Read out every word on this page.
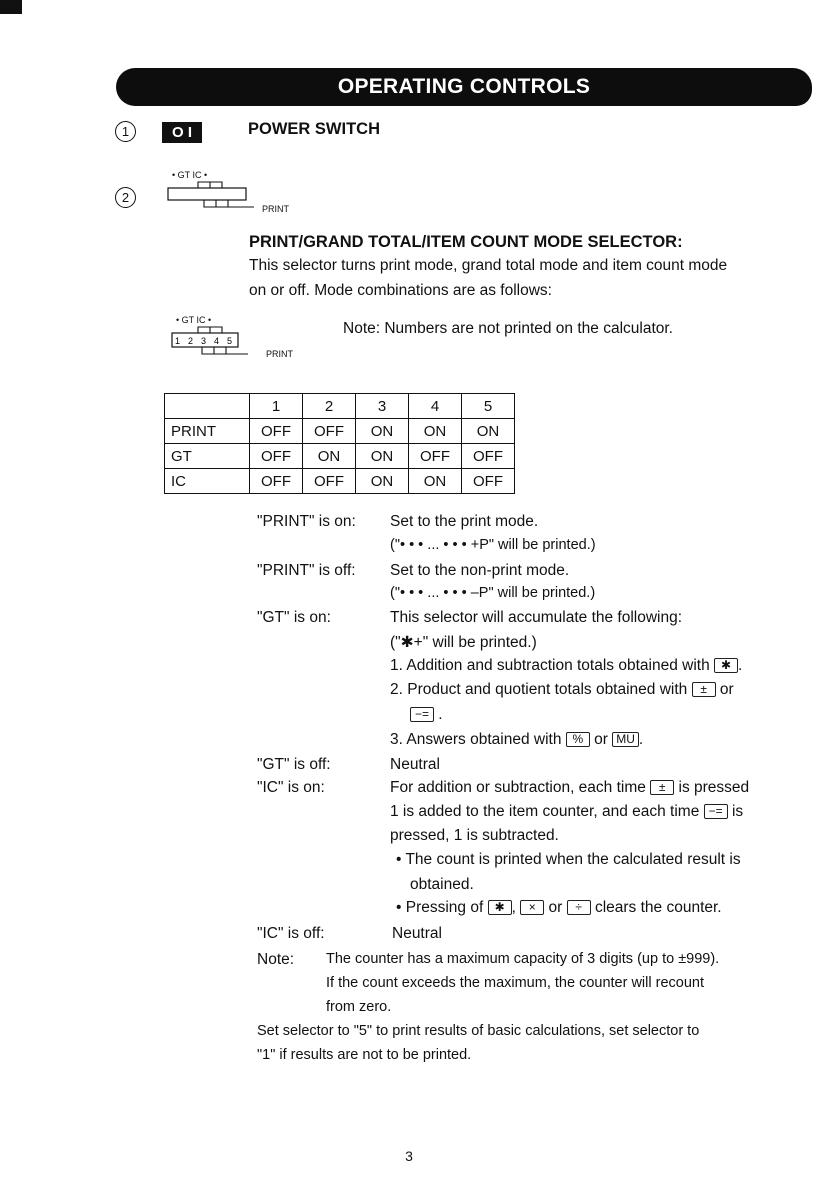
OPERATING CONTROLS
1	O I	POWER SWITCH
2
• GT IC •
PRINT
PRINT/GRAND TOTAL/ITEM COUNT MODE SELECTOR:
This selector turns print mode, grand total mode and item count mode
on or off. Mode combinations are as follows:
• GT IC •
1 2 3 4 5
PRINT
Note: Numbers are not printed on the calculator.
	1	2	3	4	5
PRINT	OFF	OFF	ON	ON	ON
GT	OFF	ON	ON	OFF	OFF
IC	OFF	OFF	ON	ON	OFF
"PRINT" is on: Set to the print mode.
("• • • ... • • • +P" will be printed.)
"PRINT" is off: Set to the non-print mode.
("• • • ... • • • –P" will be printed.)
"GT" is on:	This selector will accumulate the following:
("✱+" will be printed.)
1. Addition and subtraction totals obtained with ✱ .
2. Product and quotient totals obtained with ± or
−= .
3. Answers obtained with % or MU .
"GT" is off:	Neutral
"IC" is on:	For addition or subtraction, each time ± is pressed
1 is added to the item counter, and each time −= is
pressed, 1 is subtracted.
• The count is printed when the calculated result is
obtained.
• Pressing of ✱ , × or ÷ clears the counter.
"IC" is off:	Neutral
Note: The counter has a maximum capacity of 3 digits (up to ±999).
If the count exceeds the maximum, the counter will recount
from zero.
Set selector to "5" to print results of basic calculations, set selector to
"1" if results are not to be printed.
3
